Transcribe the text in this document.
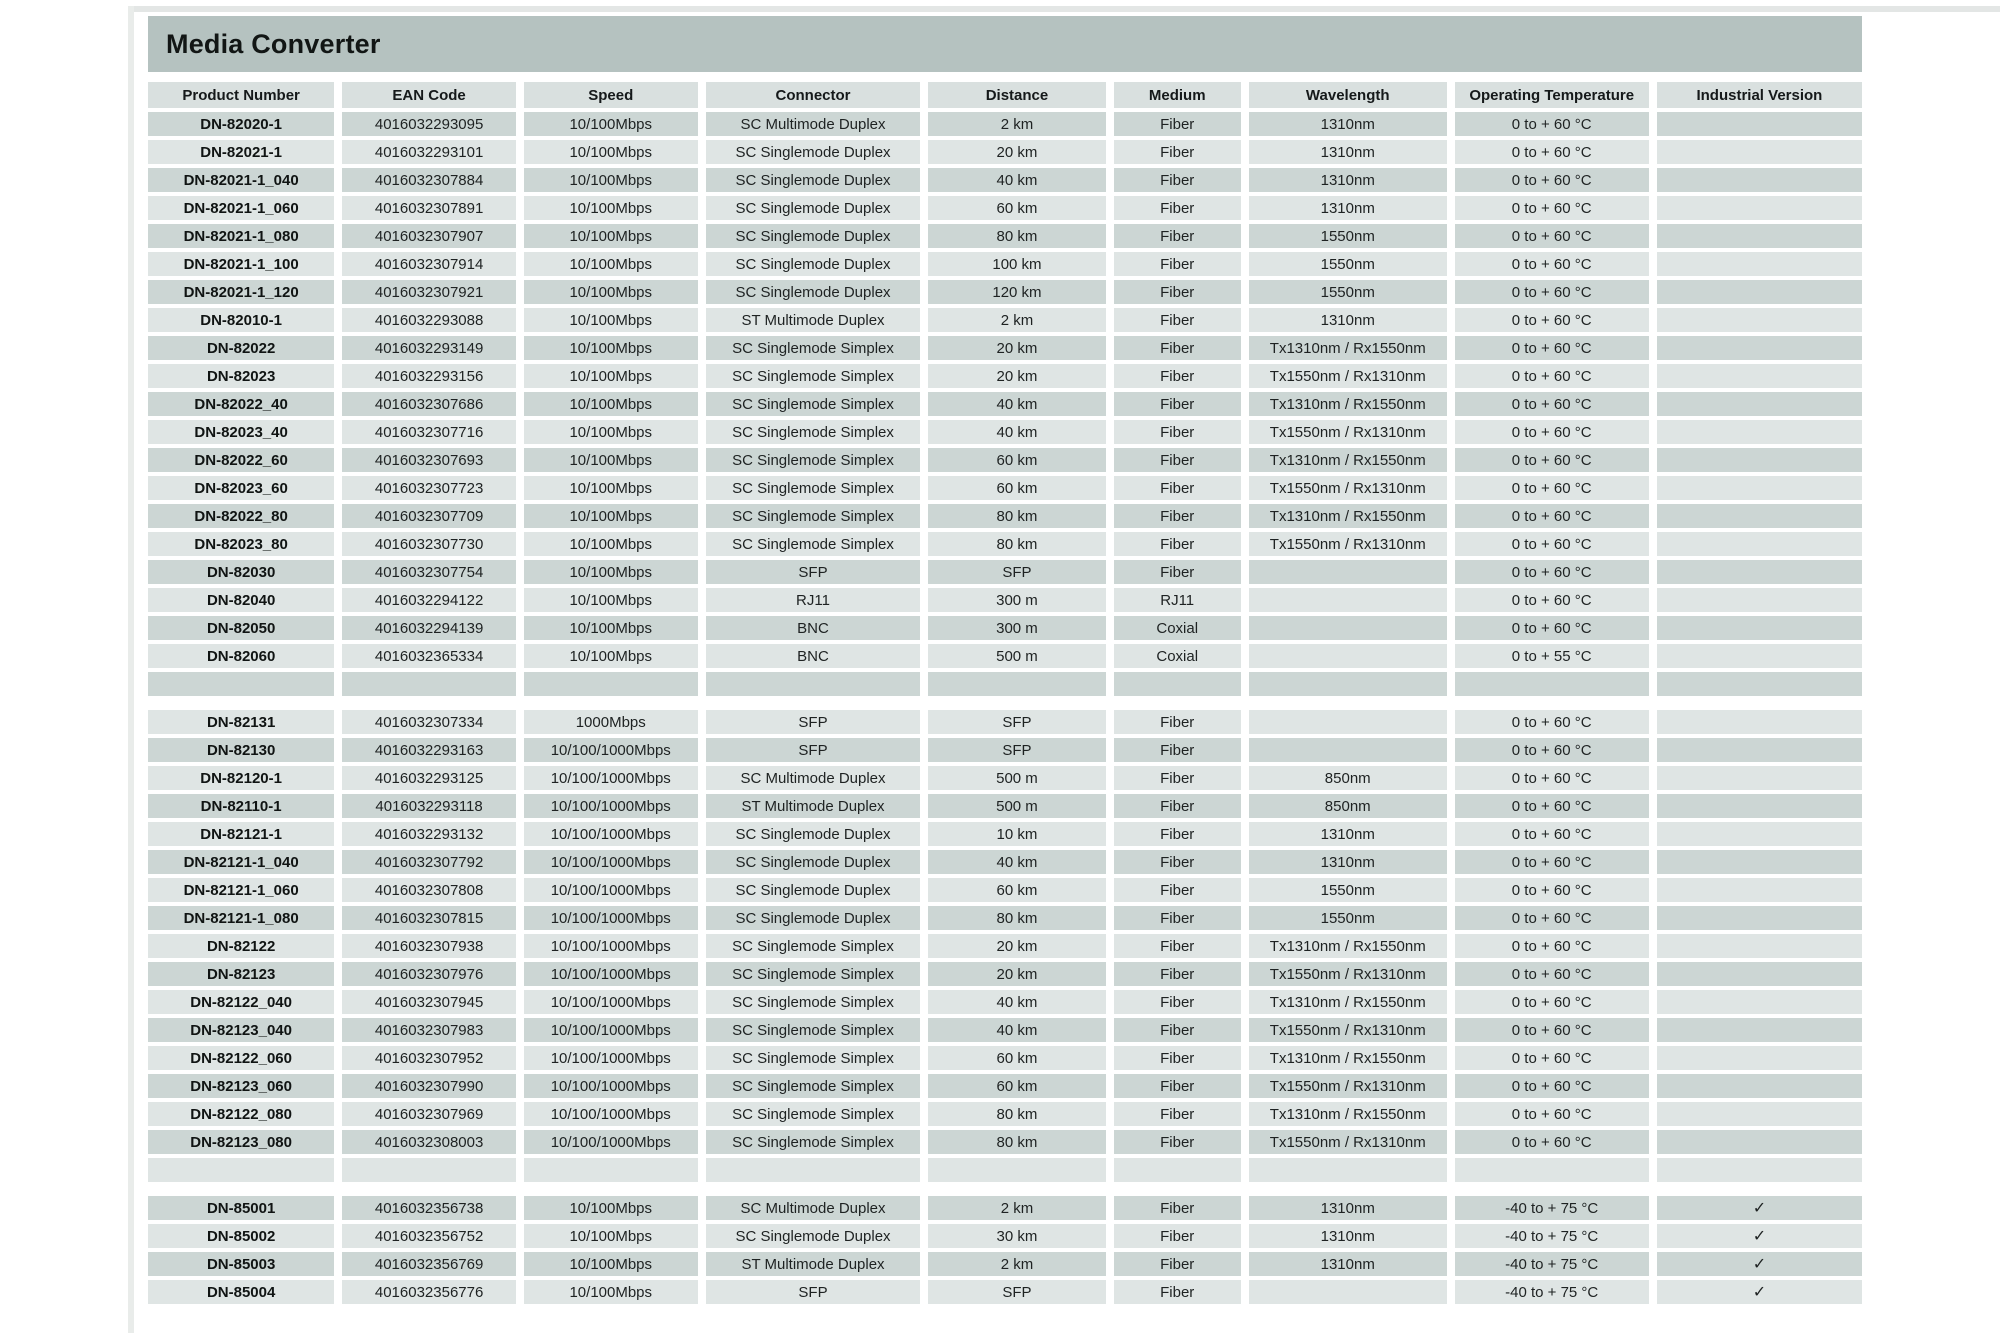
Media Converter
Product Number	EAN Code	Speed	Connector	Distance	Medium	Wavelength	Operating Temperature	Industrial Version
DN-82020-1	4016032293095	10/100Mbps	SC Multimode Duplex	2 km	Fiber	1310nm	0 to + 60 °C	
DN-82021-1	4016032293101	10/100Mbps	SC Singlemode Duplex	20 km	Fiber	1310nm	0 to + 60 °C	
DN-82021-1_040	4016032307884	10/100Mbps	SC Singlemode Duplex	40 km	Fiber	1310nm	0 to + 60 °C	
DN-82021-1_060	4016032307891	10/100Mbps	SC Singlemode Duplex	60 km	Fiber	1310nm	0 to + 60 °C	
DN-82021-1_080	4016032307907	10/100Mbps	SC Singlemode Duplex	80 km	Fiber	1550nm	0 to + 60 °C	
DN-82021-1_100	4016032307914	10/100Mbps	SC Singlemode Duplex	100 km	Fiber	1550nm	0 to + 60 °C	
DN-82021-1_120	4016032307921	10/100Mbps	SC Singlemode Duplex	120 km	Fiber	1550nm	0 to + 60 °C	
DN-82010-1	4016032293088	10/100Mbps	ST Multimode Duplex	2 km	Fiber	1310nm	0 to + 60 °C	
DN-82022	4016032293149	10/100Mbps	SC Singlemode Simplex	20 km	Fiber	Tx1310nm / Rx1550nm	0 to + 60 °C	
DN-82023	4016032293156	10/100Mbps	SC Singlemode Simplex	20 km	Fiber	Tx1550nm / Rx1310nm	0 to + 60 °C	
DN-82022_40	4016032307686	10/100Mbps	SC Singlemode Simplex	40 km	Fiber	Tx1310nm / Rx1550nm	0 to + 60 °C	
DN-82023_40	4016032307716	10/100Mbps	SC Singlemode Simplex	40 km	Fiber	Tx1550nm / Rx1310nm	0 to + 60 °C	
DN-82022_60	4016032307693	10/100Mbps	SC Singlemode Simplex	60 km	Fiber	Tx1310nm / Rx1550nm	0 to + 60 °C	
DN-82023_60	4016032307723	10/100Mbps	SC Singlemode Simplex	60 km	Fiber	Tx1550nm / Rx1310nm	0 to + 60 °C	
DN-82022_80	4016032307709	10/100Mbps	SC Singlemode Simplex	80 km	Fiber	Tx1310nm / Rx1550nm	0 to + 60 °C	
DN-82023_80	4016032307730	10/100Mbps	SC Singlemode Simplex	80 km	Fiber	Tx1550nm / Rx1310nm	0 to + 60 °C	
DN-82030	4016032307754	10/100Mbps	SFP	SFP	Fiber		0 to + 60 °C	
DN-82040	4016032294122	10/100Mbps	RJ11	300 m	RJ11		0 to + 60 °C	
DN-82050	4016032294139	10/100Mbps	BNC	300 m	Coxial		0 to + 60 °C	
DN-82060	4016032365334	10/100Mbps	BNC	500 m	Coxial		0 to + 55 °C	

DN-82131	4016032307334	1000Mbps	SFP	SFP	Fiber		0 to + 60 °C	
DN-82130	4016032293163	10/100/1000Mbps	SFP	SFP	Fiber		0 to + 60 °C	
DN-82120-1	4016032293125	10/100/1000Mbps	SC Multimode Duplex	500 m	Fiber	850nm	0 to + 60 °C	
DN-82110-1	4016032293118	10/100/1000Mbps	ST Multimode Duplex	500 m	Fiber	850nm	0 to + 60 °C	
DN-82121-1	4016032293132	10/100/1000Mbps	SC Singlemode Duplex	10 km	Fiber	1310nm	0 to + 60 °C	
DN-82121-1_040	4016032307792	10/100/1000Mbps	SC Singlemode Duplex	40 km	Fiber	1310nm	0 to + 60 °C	
DN-82121-1_060	4016032307808	10/100/1000Mbps	SC Singlemode Duplex	60 km	Fiber	1550nm	0 to + 60 °C	
DN-82121-1_080	4016032307815	10/100/1000Mbps	SC Singlemode Duplex	80 km	Fiber	1550nm	0 to + 60 °C	
DN-82122	4016032307938	10/100/1000Mbps	SC Singlemode Simplex	20 km	Fiber	Tx1310nm / Rx1550nm	0 to + 60 °C	
DN-82123	4016032307976	10/100/1000Mbps	SC Singlemode Simplex	20 km	Fiber	Tx1550nm / Rx1310nm	0 to + 60 °C	
DN-82122_040	4016032307945	10/100/1000Mbps	SC Singlemode Simplex	40 km	Fiber	Tx1310nm / Rx1550nm	0 to + 60 °C	
DN-82123_040	4016032307983	10/100/1000Mbps	SC Singlemode Simplex	40 km	Fiber	Tx1550nm / Rx1310nm	0 to + 60 °C	
DN-82122_060	4016032307952	10/100/1000Mbps	SC Singlemode Simplex	60 km	Fiber	Tx1310nm / Rx1550nm	0 to + 60 °C	
DN-82123_060	4016032307990	10/100/1000Mbps	SC Singlemode Simplex	60 km	Fiber	Tx1550nm / Rx1310nm	0 to + 60 °C	
DN-82122_080	4016032307969	10/100/1000Mbps	SC Singlemode Simplex	80 km	Fiber	Tx1310nm / Rx1550nm	0 to + 60 °C	
DN-82123_080	4016032308003	10/100/1000Mbps	SC Singlemode Simplex	80 km	Fiber	Tx1550nm / Rx1310nm	0 to + 60 °C	

DN-85001	4016032356738	10/100Mbps	SC Multimode Duplex	2 km	Fiber	1310nm	-40 to + 75 °C	✓
DN-85002	4016032356752	10/100Mbps	SC Singlemode Duplex	30 km	Fiber	1310nm	-40 to + 75 °C	✓
DN-85003	4016032356769	10/100Mbps	ST Multimode Duplex	2 km	Fiber	1310nm	-40 to + 75 °C	✓
DN-85004	4016032356776	10/100Mbps	SFP	SFP	Fiber		-40 to + 75 °C	✓
